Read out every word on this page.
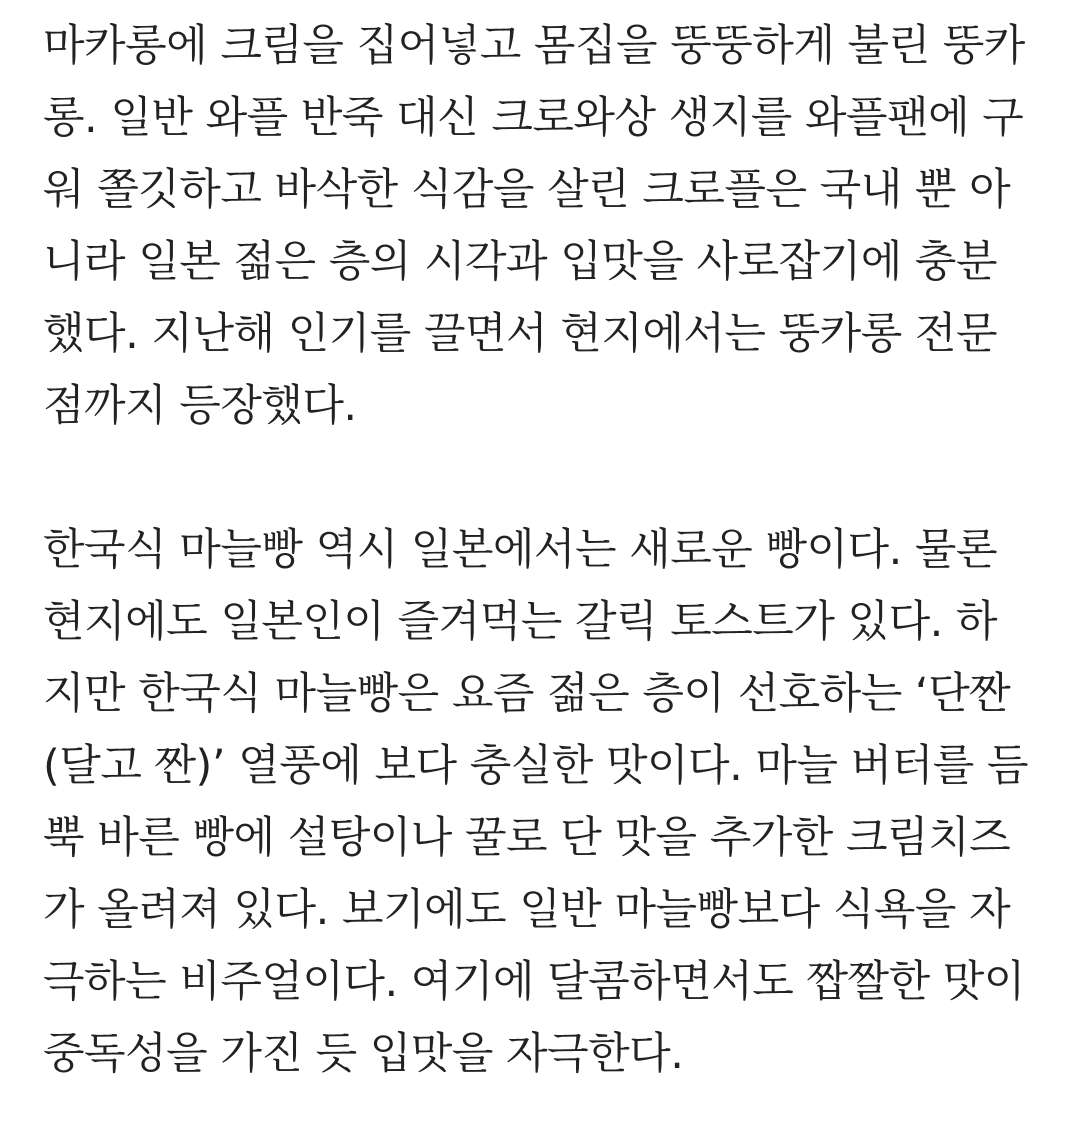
마카롱에 크림을 집어넣고 몸집을 뚱뚱하게 불린 뚱카
롱. 일반 와플 반죽 대신 크로와상 생지를 와플팬에 구
워 쫄깃하고 바삭한 식감을 살린 크로플은 국내 뿐 아
니라 일본 젊은 층의 시각과 입맛을 사로잡기에 충분
했다. 지난해 인기를 끌면서 현지에서는 뚱카롱 전문
점까지 등장했다.

한국식 마늘빵 역시 일본에서는 새로운 빵이다. 물론
현지에도 일본인이 즐겨먹는 갈릭 토스트가 있다. 하
지만 한국식 마늘빵은 요즘 젊은 층이 선호하는 ‘단짠
(달고 짠)’ 열풍에 보다 충실한 맛이다. 마늘 버터를 듬
뿍 바른 빵에 설탕이나 꿀로 단 맛을 추가한 크림치즈
가 올려져 있다. 보기에도 일반 마늘빵보다 식욕을 자
극하는 비주얼이다. 여기에 달콤하면서도 짭짤한 맛이
중독성을 가진 듯 입맛을 자극한다.
